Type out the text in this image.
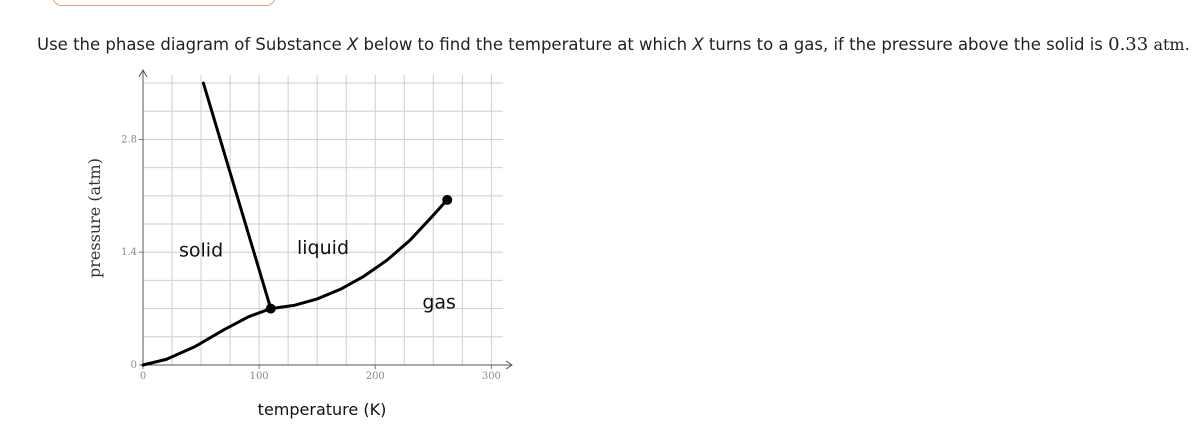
Use the phase diagram of Substance X below to find the temperature at which X turns to a gas, if the pressure above the solid is 0.33 atm.
0	100	200	300
0
1.4
2.8
solid	liquid
gas
temperature (K)
pressure (atm)
